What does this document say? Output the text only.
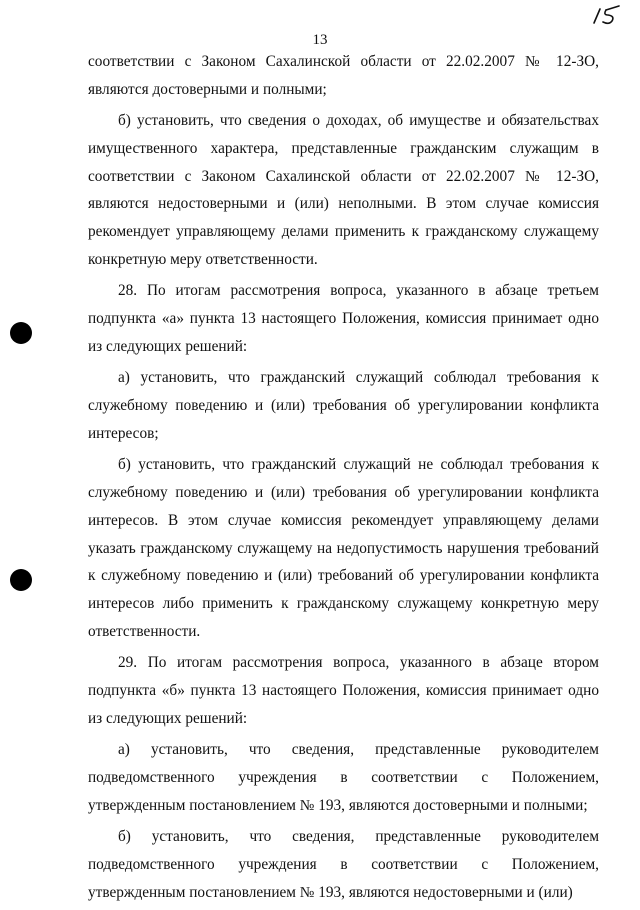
13

соответствии с Законом Сахалинской области от 22.02.2007 № 12-ЗО, являются достоверными и полными;

б) установить, что сведения о доходах, об имуществе и обязательствах имущественного характера, представленные гражданским служащим в соответствии с Законом Сахалинской области от 22.02.2007 № 12-ЗО, являются недостоверными и (или) неполными. В этом случае комиссия рекомендует управляющему делами применить к гражданскому служащему конкретную меру ответственности.

28. По итогам рассмотрения вопроса, указанного в абзаце третьем подпункта «а» пункта 13 настоящего Положения, комиссия принимает одно из следующих решений:

а) установить, что гражданский служащий соблюдал требования к служебному поведению и (или) требования об урегулировании конфликта интересов;

б) установить, что гражданский служащий не соблюдал требования к служебному поведению и (или) требования об урегулировании конфликта интересов. В этом случае комиссия рекомендует управляющему делами указать гражданскому служащему на недопустимость нарушения требований к служебному поведению и (или) требований об урегулировании конфликта интересов либо применить к гражданскому служащему конкретную меру ответственности.

29. По итогам рассмотрения вопроса, указанного в абзаце втором подпункта «б» пункта 13 настоящего Положения, комиссия принимает одно из следующих решений:

а) установить, что сведения, представленные руководителем подведомственного учреждения в соответствии с Положением, утвержденным постановлением № 193, являются достоверными и полными;

б) установить, что сведения, представленные руководителем подведомственного учреждения в соответствии с Положением, утвержденным постановлением № 193, являются недостоверными и (или)
